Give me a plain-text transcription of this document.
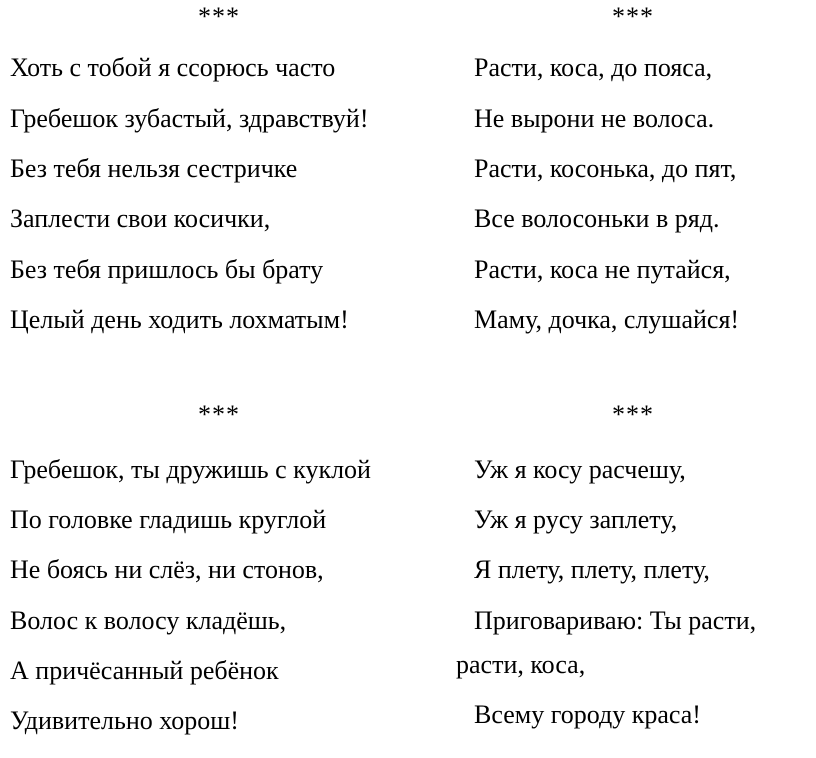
***
Хоть с тобой я ссорюсь часто
Гребешок зубастый, здравствуй!
Без тебя нельзя сестричке
Заплести свои косички,
Без тебя пришлось бы брату
Целый день ходить лохматым!
***
Расти, коса, до пояса,
Не вырони не волоса.
Расти, косонька, до пят,
Все волосоньки в ряд.
Расти, коса не путайся,
Маму, дочка, слушайся!
***
Гребешок, ты дружишь с куклой
По головке гладишь круглой
Не боясь ни слёз, ни стонов,
Волос к волосу кладёшь,
А причёсанный ребёнок
Удивительно хорош!
***
Уж я косу расчешу,
Уж я русу заплету,
Я плету, плету, плету,
Приговариваю: Ты расти,
расти, коса,
Всему городу краса!
